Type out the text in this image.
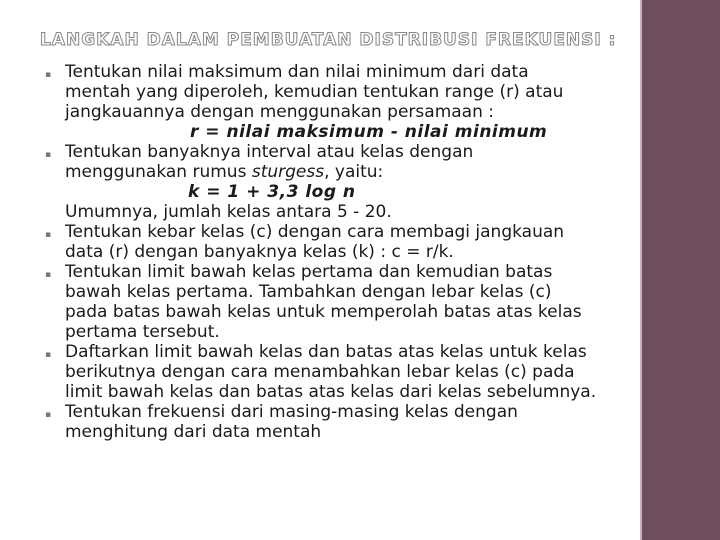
LANGKAH DALAM PEMBUATAN DISTRIBUSI FREKUENSI :
▪ Tentukan nilai maksimum dan nilai minimum dari data
mentah yang diperoleh, kemudian tentukan range (r) atau
jangkauannya dengan menggunakan persamaan :
r = nilai maksimum - nilai minimum
▪ Tentukan banyaknya interval atau kelas dengan
menggunakan rumus sturgess, yaitu:
k = 1 + 3,3 log n
Umumnya, jumlah kelas antara 5 - 20.
▪ Tentukan kebar kelas (c) dengan cara membagi jangkauan
data (r) dengan banyaknya kelas (k) : c = r/k.
▪ Tentukan limit bawah kelas pertama dan kemudian batas
bawah kelas pertama. Tambahkan dengan lebar kelas (c)
pada batas bawah kelas untuk memperolah batas atas kelas
pertama tersebut.
▪ Daftarkan limit bawah kelas dan batas atas kelas untuk kelas
berikutnya dengan cara menambahkan lebar kelas (c) pada
limit bawah kelas dan batas atas kelas dari kelas sebelumnya.
▪ Tentukan frekuensi dari masing-masing kelas dengan
menghitung dari data mentah
